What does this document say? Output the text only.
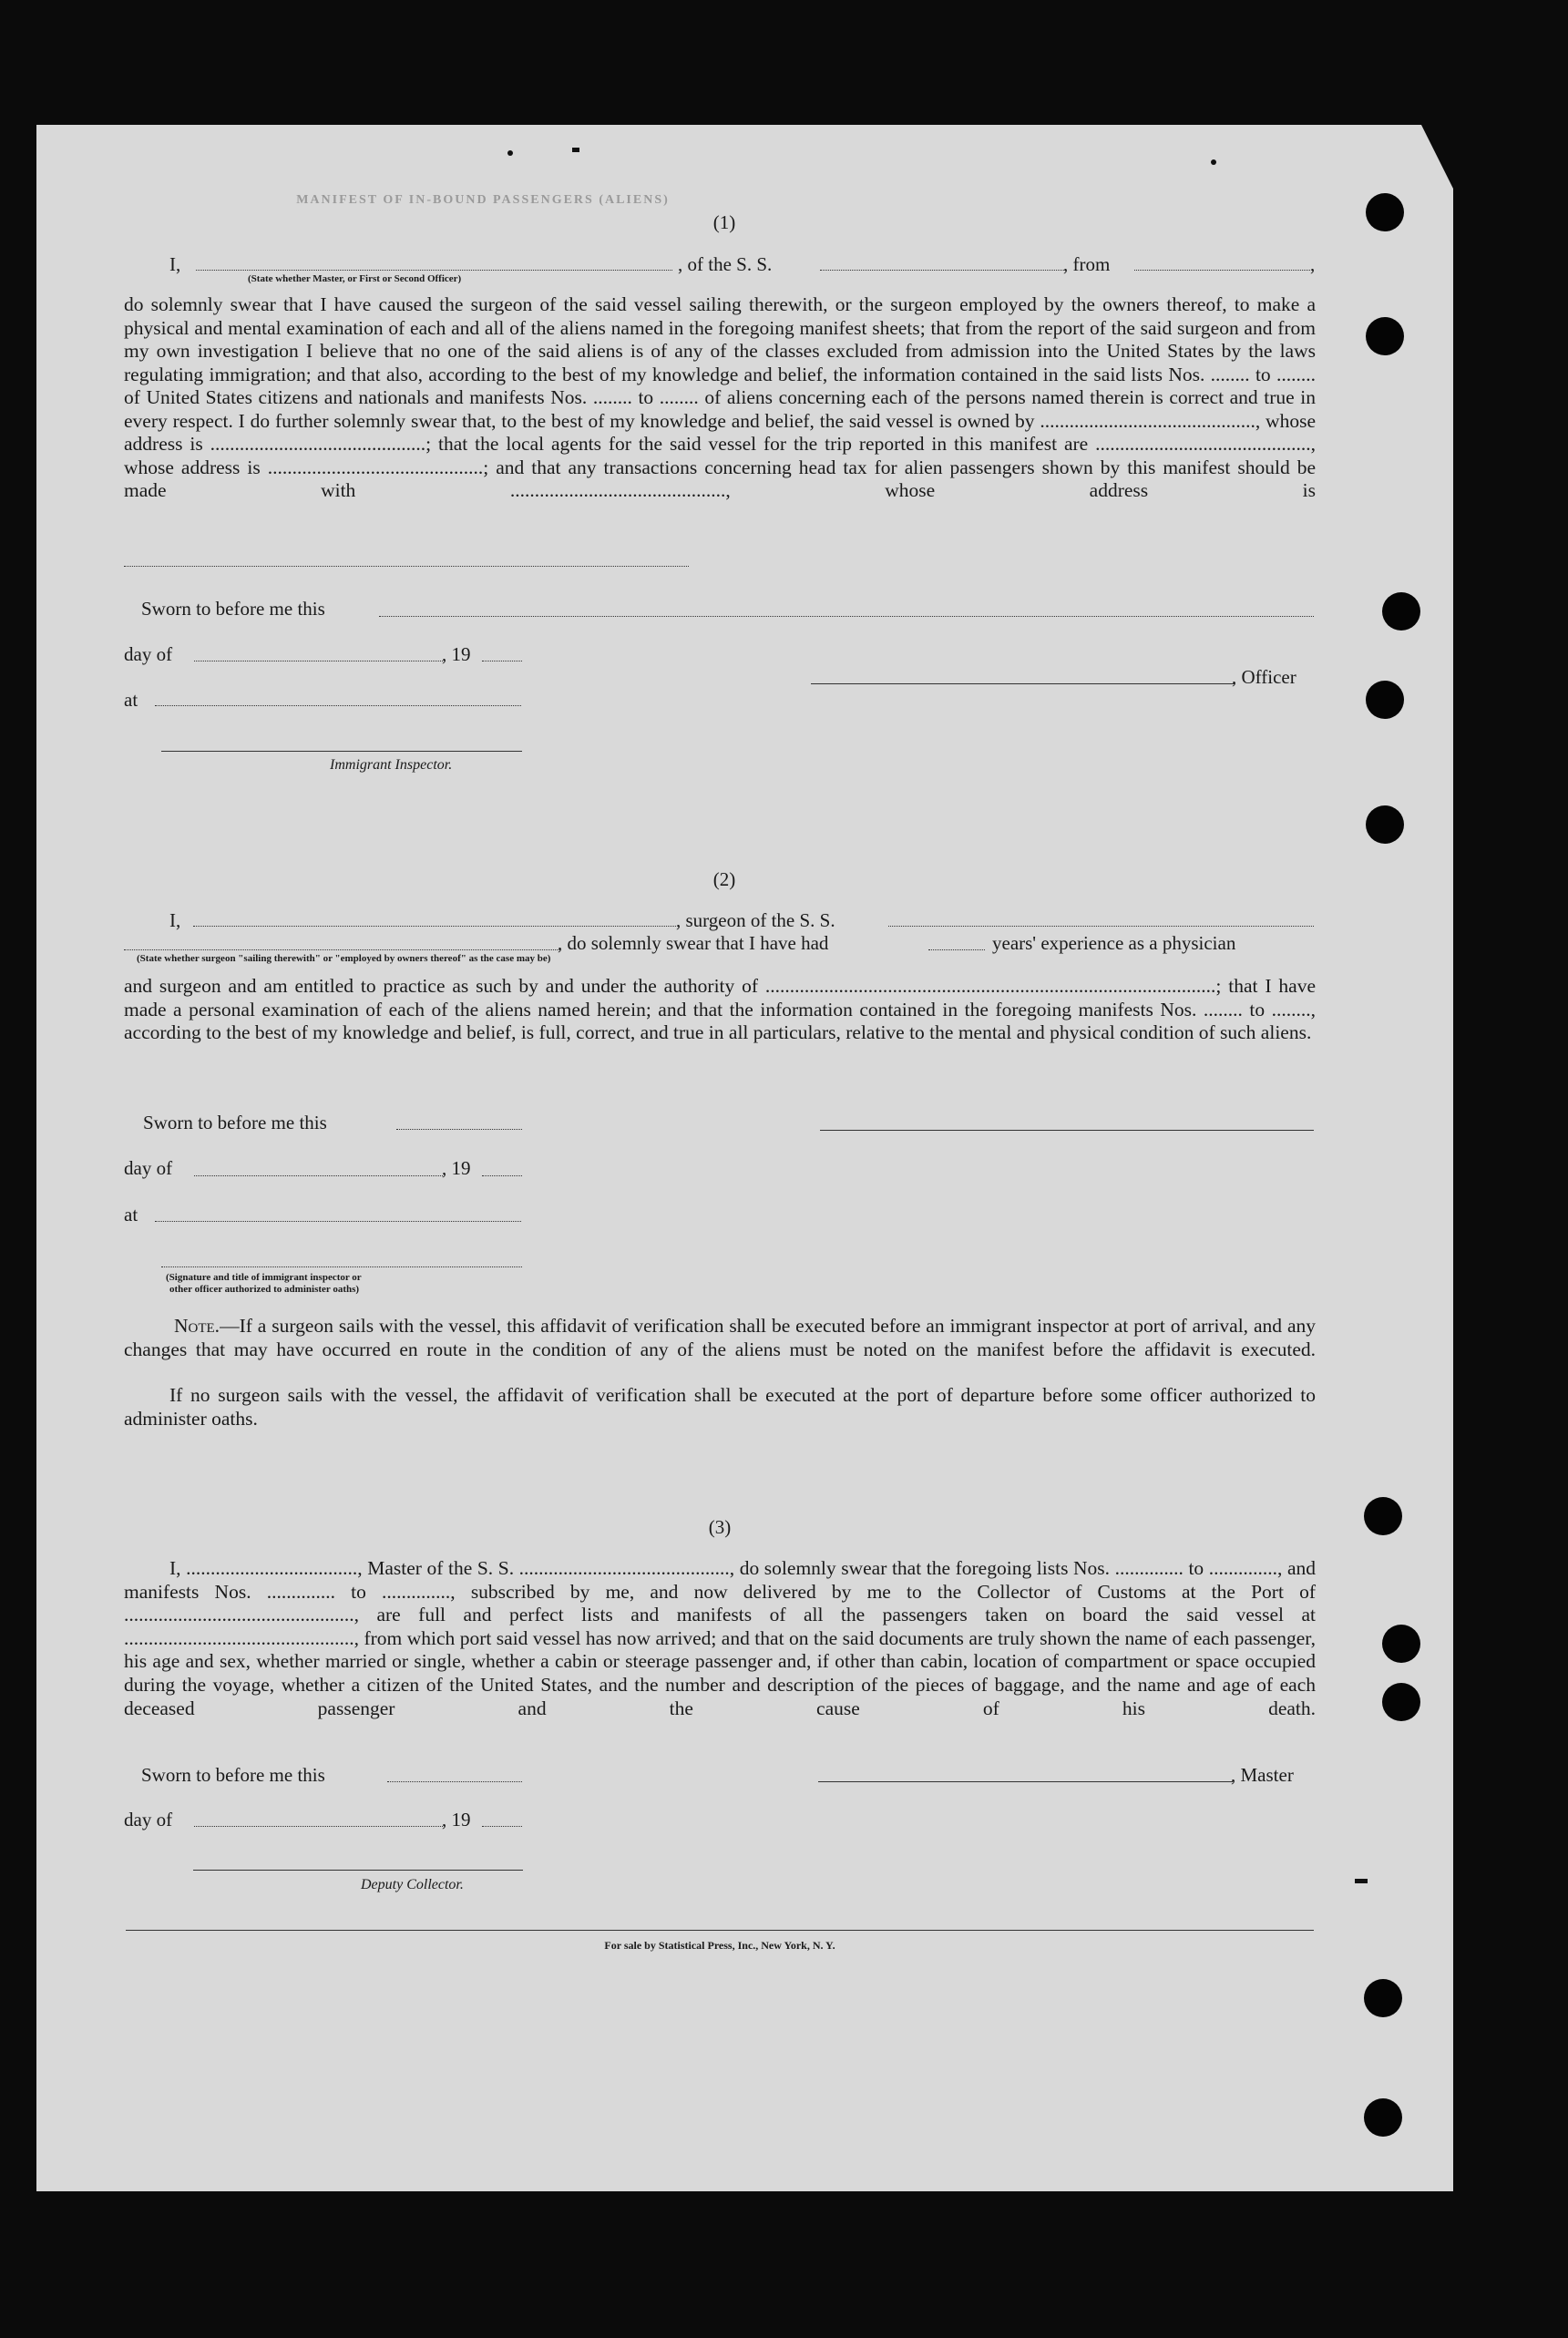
MANIFEST OF IN-BOUND PASSENGERS (ALIENS)
(1)
I,
(State whether Master, or First or Second Officer)
, of the S. S.	, from	,
do solemnly swear that I have caused the surgeon of the said vessel sailing therewith, or the surgeon employed by the owners thereof, to make a physical and mental examination of each and all of the aliens named in the foregoing manifest sheets; that from the report of the said surgeon and from my own investigation I believe that no one of the said aliens is of any of the classes excluded from admission into the United States by the laws regulating immigration; and that also, according to the best of my knowledge and belief, the information contained in the said lists Nos. ........ to ........ of United States citizens and nationals and manifests Nos. ........ to ........ of aliens concerning each of the persons named therein is correct and true in every respect. I do further solemnly swear that, to the best of my knowledge and belief, the said vessel is owned by ............................................, whose address is ............................................; that the local agents for the said vessel for the trip reported in this manifest are ............................................, whose address is ............................................; and that any transactions concerning head tax for alien passengers shown by this manifest should be made with ............................................, whose address is
Sworn to before me this
day of	, 19
, Officer
at
Immigrant Inspector.
(2)
I,	, surgeon of the S. S.
(State whether surgeon "sailing therewith" or "employed by owners thereof" as the case may be)
, do solemnly swear that I have had	years' experience as a physician
and surgeon and am entitled to practice as such by and under the authority of ............................................................................................; that I have made a personal examination of each of the aliens named herein; and that the information contained in the foregoing manifests Nos. ........ to ........, according to the best of my knowledge and belief, is full, correct, and true in all particulars, relative to the mental and physical condition of such aliens.
Sworn to before me this
day of	, 19
at
(Signature and title of immigrant inspector or
other officer authorized to administer oaths)
Note.—If a surgeon sails with the vessel, this affidavit of verification shall be executed before an immigrant inspector at port of arrival, and any changes that may have occurred en route in the condition of any of the aliens must be noted on the manifest before the affidavit is executed.
If no surgeon sails with the vessel, the affidavit of verification shall be executed at the port of departure before some officer authorized to administer oaths.
(3)
I, ..................................., Master of the S. S. ..........................................., do solemnly swear that the foregoing lists Nos. .............. to .............., and manifests Nos. .............. to .............., subscribed by me, and now delivered by me to the Collector of Customs at the Port of ..............................................., are full and perfect lists and manifests of all the passengers taken on board the said vessel at ..............................................., from which port said vessel has now arrived; and that on the said documents are truly shown the name of each passenger, his age and sex, whether married or single, whether a cabin or steerage passenger and, if other than cabin, location of compartment or space occupied during the voyage, whether a citizen of the United States, and the number and description of the pieces of baggage, and the name and age of each deceased passenger and the cause of his death.
Sworn to before me this	, Master
day of	, 19
Deputy Collector.
For sale by Statistical Press, Inc., New York, N. Y.
